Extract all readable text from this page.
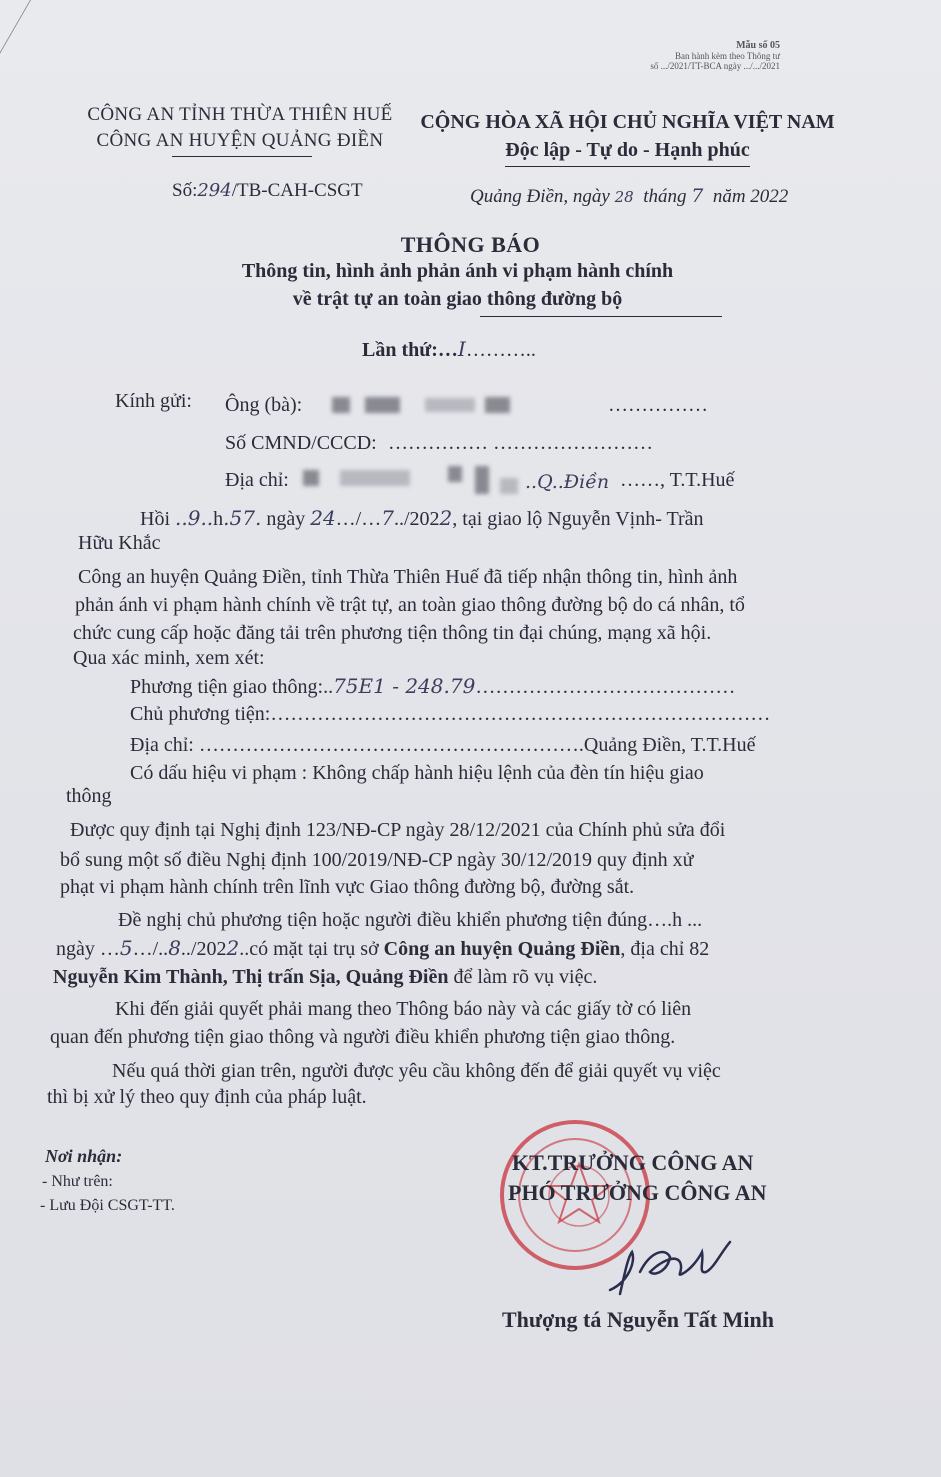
Mẫu số 05
Ban hành kèm theo Thông tư
số .../2021/TT-BCA ngày .../.../2021
CÔNG AN TỈNH THỪA THIÊN HUẾ
CÔNG AN HUYỆN QUẢNG ĐIỀN
CỘNG HÒA XÃ HỘI CHỦ NGHĨA VIỆT NAM
Độc lập - Tự do - Hạnh phúc
Số:294/TB-CAH-CSGT	Quảng Điền, ngày 28 tháng 7 năm 2022
THÔNG BÁO
Thông tin, hình ảnh phản ánh vi phạm hành chính
về trật tự an toàn giao thông đường bộ
Lần thứ:…I………..
Kính gửi: Ông (bà):	……………
Số CMND/CCCD: …………… ……………………
Địa chỉ:	..Q..Điền ……, T.T.Huế
Hồi ..9..h.57. ngày 24…/…7../2022, tại giao lộ Nguyễn Vịnh- Trần
Hữu Khắc
Công an huyện Quảng Điền, tỉnh Thừa Thiên Huế đã tiếp nhận thông tin, hình ảnh
phản ánh vi phạm hành chính về trật tự, an toàn giao thông đường bộ do cá nhân, tổ
chức cung cấp hoặc đăng tải trên phương tiện thông tin đại chúng, mạng xã hội.
Qua xác minh, xem xét:
Phương tiện giao thông:..75E1 - 248.79…………………………………
Chủ phương tiện:…………………………………………………………………
Địa chỉ: ………………………………………………….Quảng Điền, T.T.Huế
Có dấu hiệu vi phạm : Không chấp hành hiệu lệnh của đèn tín hiệu giao
thông
Được quy định tại Nghị định 123/NĐ-CP ngày 28/12/2021 của Chính phủ sửa đổi
bổ sung một số điều Nghị định 100/2019/NĐ-CP ngày 30/12/2019 quy định xử
phạt vi phạm hành chính trên lĩnh vực Giao thông đường bộ, đường sắt.
Đề nghị chủ phương tiện hoặc người điều khiển phương tiện đúng….h ...
ngày …5…/..8../2022..có mặt tại trụ sở Công an huyện Quảng Điền, địa chỉ 82
Nguyễn Kim Thành, Thị trấn Sịa, Quảng Điền để làm rõ vụ việc.
Khi đến giải quyết phải mang theo Thông báo này và các giấy tờ có liên
quan đến phương tiện giao thông và người điều khiển phương tiện giao thông.
Nếu quá thời gian trên, người được yêu cầu không đến để giải quyết vụ việc
thì bị xử lý theo quy định của pháp luật.
Nơi nhận:
- Như trên:
- Lưu Đội CSGT-TT.
KT.TRƯỞNG CÔNG AN
PHÓ TRƯỞNG CÔNG AN
Thượng tá Nguyễn Tất Minh
